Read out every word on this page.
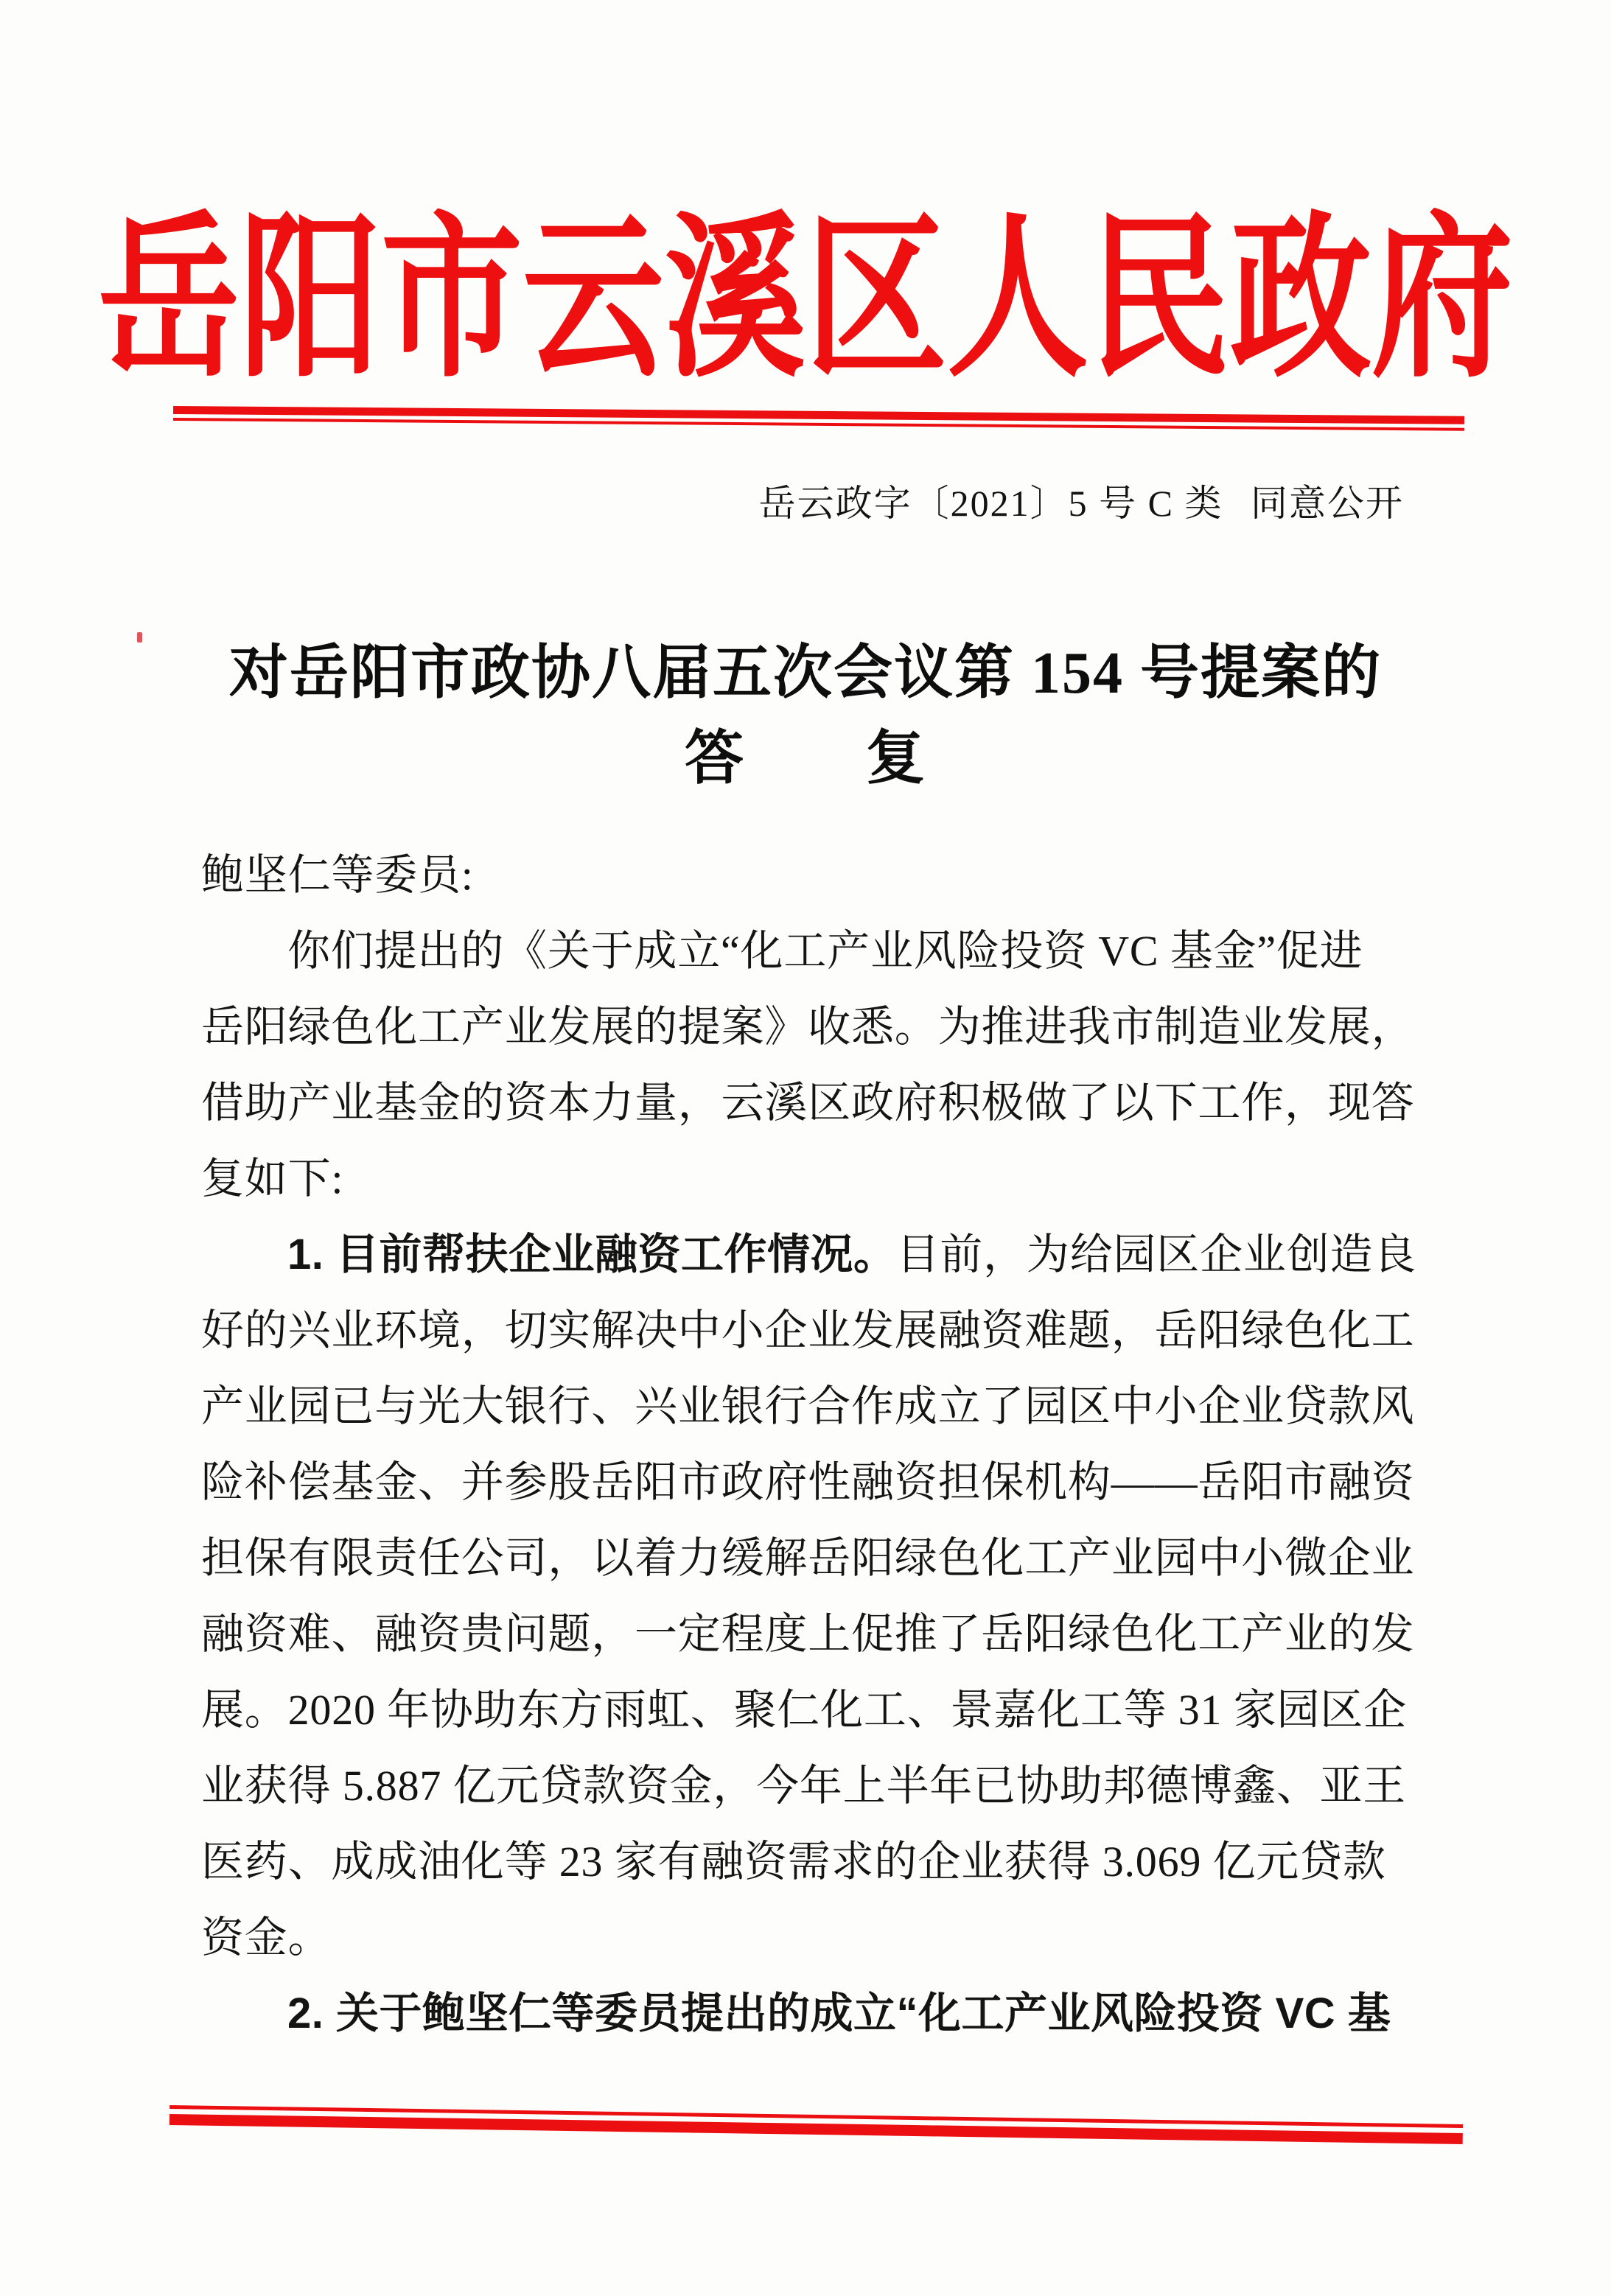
岳阳市云溪区人民政府
岳云政字〔2021〕5 号 C 类 同意公开
对岳阳市政协八届五次会议第 154 号提案的
答　　复
鲍坚仁等委员:
你们提出的《关于成立“化工产业风险投资 VC 基金”促进
岳阳绿色化工产业发展的提案》收悉。为推进我市制造业发展，
借助产业基金的资本力量，云溪区政府积极做了以下工作，现答
复如下:
1. 目前帮扶企业融资工作情况。目前，为给园区企业创造良
好的兴业环境，切实解决中小企业发展融资难题，岳阳绿色化工
产业园已与光大银行、兴业银行合作成立了园区中小企业贷款风
险补偿基金、并参股岳阳市政府性融资担保机构——岳阳市融资
担保有限责任公司，以着力缓解岳阳绿色化工产业园中小微企业
融资难、融资贵问题，一定程度上促推了岳阳绿色化工产业的发
展。2020 年协助东方雨虹、聚仁化工、景嘉化工等 31 家园区企
业获得 5.887 亿元贷款资金，今年上半年已协助邦德博鑫、亚王
医药、成成油化等 23 家有融资需求的企业获得 3.069 亿元贷款
资金。
2. 关于鲍坚仁等委员提出的成立“化工产业风险投资 VC 基
